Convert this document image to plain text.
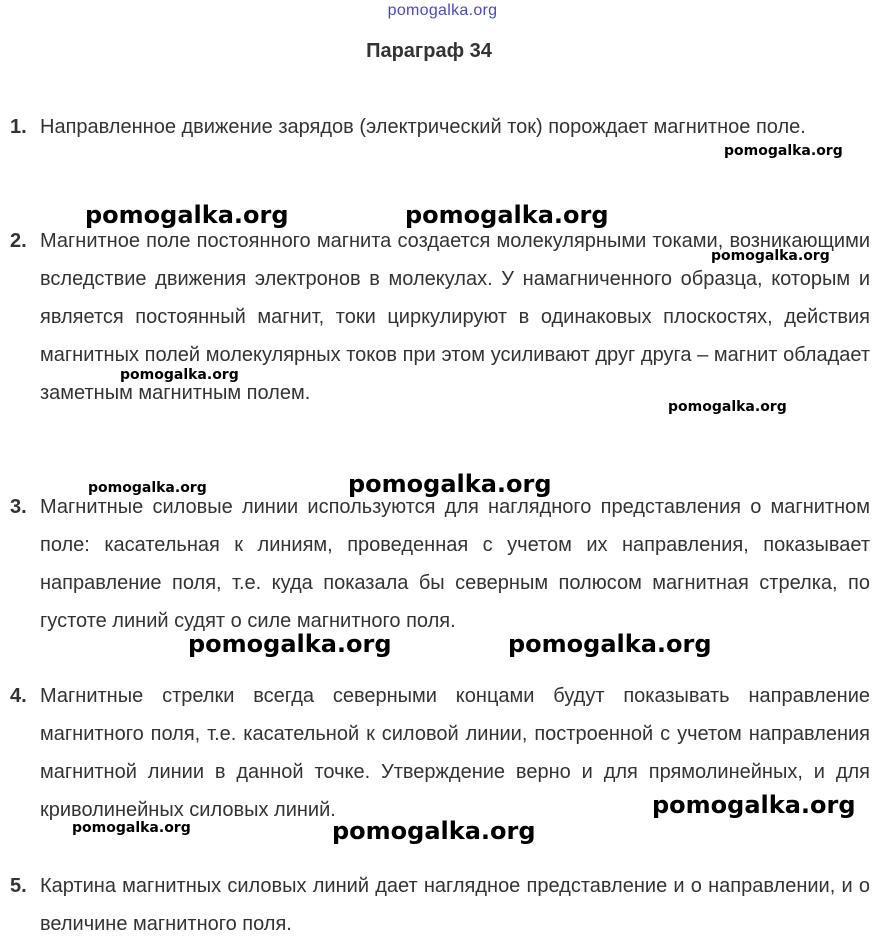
pomogalka.org
Параграф 34
1. Направленное движение зарядов (электрический ток) порождает магнитное поле.
2. Магнитное поле постоянного магнита создается молекулярными токами, возникающими вследствие движения электронов в молекулах. У намагниченного образца, которым и является постоянный магнит, токи циркулируют в одинаковых плоскостях, действия магнитных полей молекулярных токов при этом усиливают друг друга – магнит обладает заметным магнитным полем.
3. Магнитные силовые линии используются для наглядного представления о магнитном поле: касательная к линиям, проведенная с учетом их направления, показывает направление поля, т.е. куда показала бы северным полюсом магнитная стрелка, по густоте линий судят о силе магнитного поля.
4. Магнитные стрелки всегда северными концами будут показывать направление магнитного поля, т.е. касательной к силовой линии, построенной с учетом направления магнитной линии в данной точке. Утверждение верно и для прямолинейных, и для криволинейных силовых линий.
5. Картина магнитных силовых линий дает наглядное представление и о направлении, и о величине магнитного поля.
pomogalka.org
pomogalka.org	pomogalka.org
pomogalka.org
pomogalka.org
pomogalka.org
pomogalka.org	pomogalka.org
pomogalka.org	pomogalka.org
pomogalka.org
pomogalka.org	pomogalka.org
